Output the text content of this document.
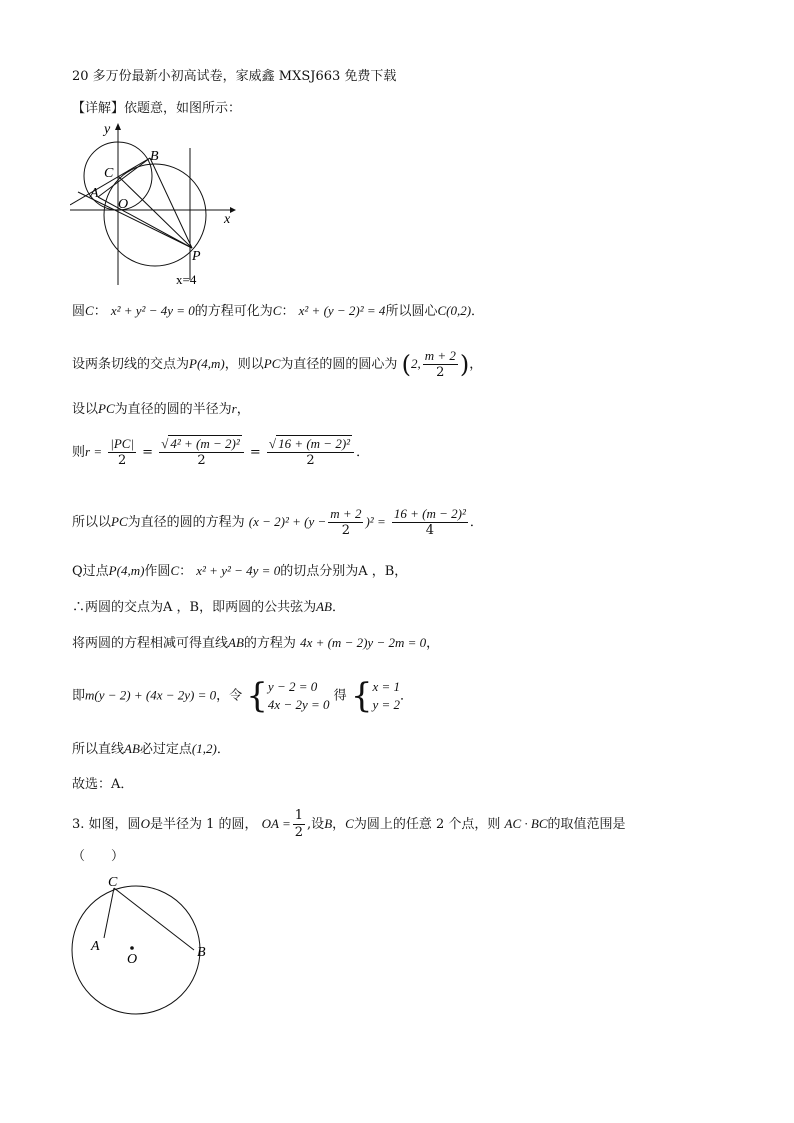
20 多万份最新小初高试卷，家威鑫 MXSJ663 免费下载
【详解】依题意，如图所示：
y
x
C
B
A
O
P
x=4
圆C： x² + y² − 4y = 0的方程可化为C： x² + (y − 2)² = 4所以圆心C(0,2)．
设两条切线的交点为P(4,m)，则以PC为直径的圆的圆心为 (2, $\frac{m + 2}{2}$ )，
设以PC为直径的圆的半径为r，
则$r = \frac{|PC|}{2} = \frac{\text{√ 4² + (m − 2)²}}{2} = \frac{\text{√ 16 + (m − 2)²}}{2}$ ．
所以以PC为直径的圆的方程为 $(x - 2)^2 + (y - \frac{m + 2}{2} )^2 = \frac{\text{16 + (m − 2)²}}{4}$ ．
Q过点P(4,m)作圆C： x² + y² − 4y = 0的切点分别为A ，B，
∴两圆的交点为A ，B，即两圆的公共弦为AB．
将两圆的方程相减可得直线AB的方程为 4x + (m − 2)y − 2m = 0，
即m(y − 2) + (4x − 2y) = 0，令 { y − 2 = 0
4x − 2y = 0
得 { x = 1
y = 2
．
所以直线AB必过定点(1,2)．
故选：A．
3. 如图，圆O是半径为 1 的圆， OA = $\frac{1}{2}$ ,设B，C为圆上的任意 2 个点，则 AC · BC的取值范围是
（　　）
C
A
O	B
